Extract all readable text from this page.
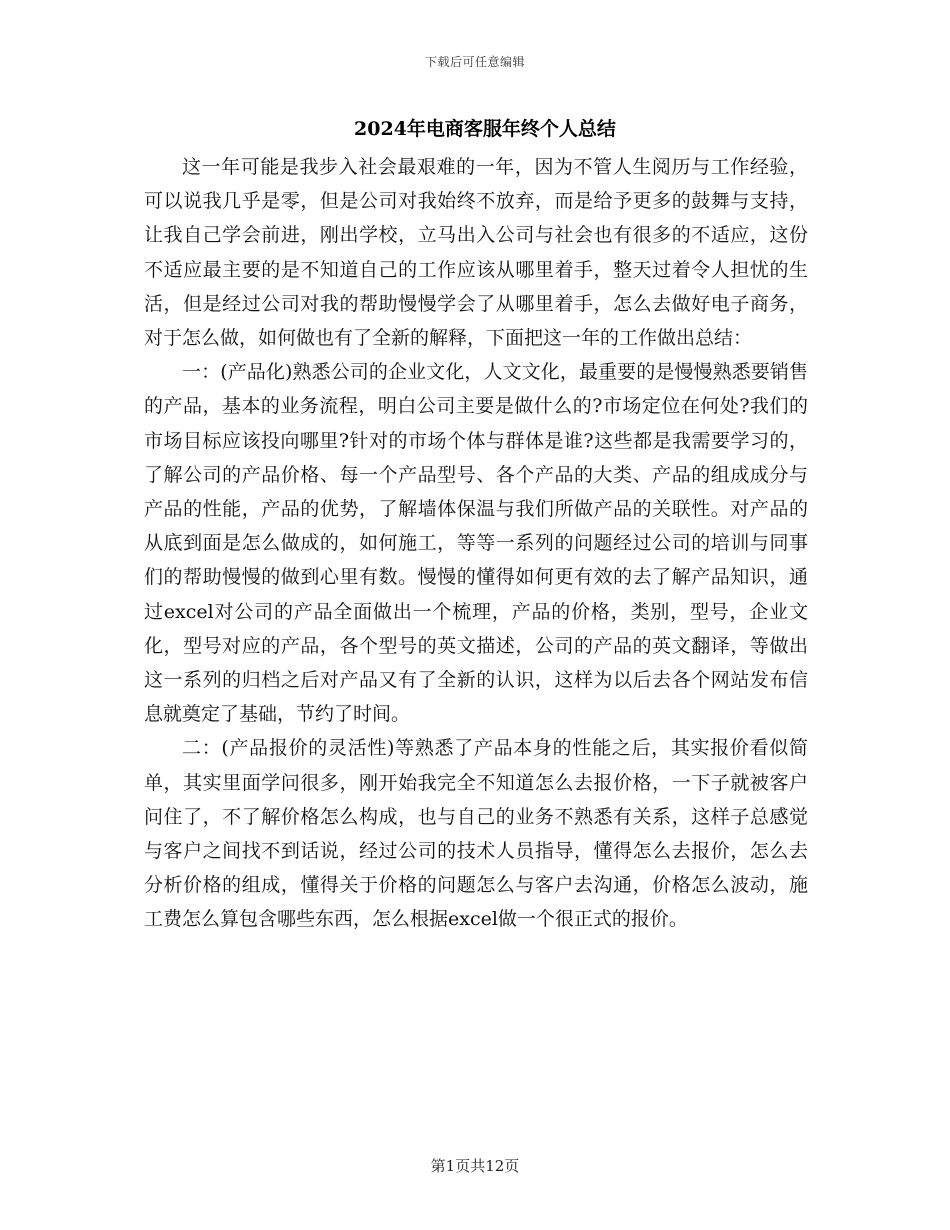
下载后可任意编辑
2024年电商客服年终个人总结

这一年可能是我步入社会最艰难的一年，因为不管人生阅历与工作经验，可以说我几乎是零，但是公司对我始终不放弃，而是给予更多的鼓舞与支持，让我自己学会前进，刚出学校，立马出入公司与社会也有很多的不适应，这份不适应最主要的是不知道自己的工作应该从哪里着手，整天过着令人担忧的生活，但是经过公司对我的帮助慢慢学会了从哪里着手，怎么去做好电子商务，对于怎么做，如何做也有了全新的解释，下面把这一年的工作做出总结：

一：(产品化)熟悉公司的企业文化，人文文化，最重要的是慢慢熟悉要销售的产品，基本的业务流程，明白公司主要是做什么的?市场定位在何处?我们的市场目标应该投向哪里?针对的市场个体与群体是谁?这些都是我需要学习的，了解公司的产品价格、每一个产品型号、各个产品的大类、产品的组成成分与产品的性能，产品的优势，了解墙体保温与我们所做产品的关联性。对产品的从底到面是怎么做成的，如何施工，等等一系列的问题经过公司的培训与同事们的帮助慢慢的做到心里有数。慢慢的懂得如何更有效的去了解产品知识，通过excel对公司的产品全面做出一个梳理，产品的价格，类别，型号，企业文化，型号对应的产品，各个型号的英文描述，公司的产品的英文翻译，等做出这一系列的归档之后对产品又有了全新的认识，这样为以后去各个网站发布信息就奠定了基础，节约了时间。

二：(产品报价的灵活性)等熟悉了产品本身的性能之后，其实报价看似简单，其实里面学问很多，刚开始我完全不知道怎么去报价格，一下子就被客户问住了，不了解价格怎么构成，也与自己的业务不熟悉有关系，这样子总感觉与客户之间找不到话说，经过公司的技术人员指导，懂得怎么去报价，怎么去分析价格的组成，懂得关于价格的问题怎么与客户去沟通，价格怎么波动，施工费怎么算包含哪些东西，怎么根据excel做一个很正式的报价。

第1页共12页
